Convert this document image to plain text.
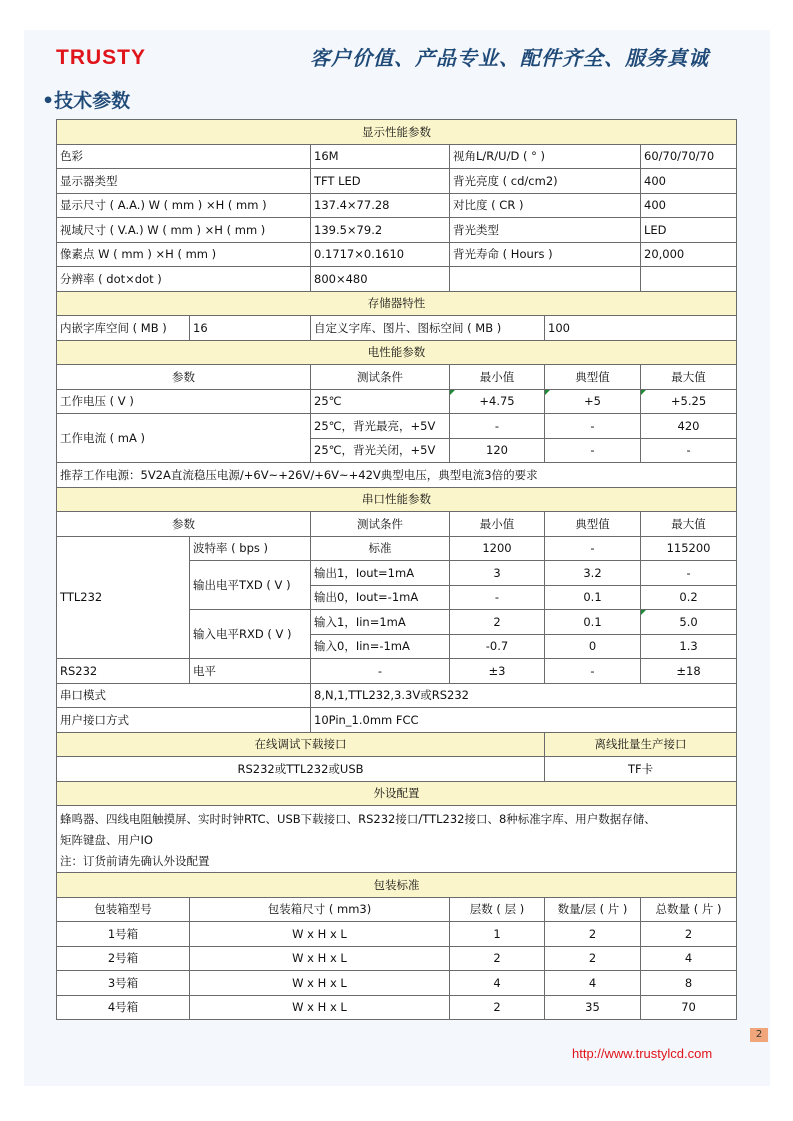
TRUSTY	客户价值、产品专业、配件齐全、服务真诚
•技术参数
显示性能参数					
色彩		16M	视角L/R/U/D ( ° )		60/70/70/70
显示器类型		TFT LED	背光亮度 ( cd/cm2)		400
显示尺寸 ( A.A.) W ( mm ) ×H ( mm )		137.4×77.28	对比度 ( CR )		400
视域尺寸 ( V.A.) W ( mm ) ×H ( mm )		139.5×79.2	背光类型		LED
像素点 W ( mm ) ×H ( mm )		0.1717×0.1610	背光寿命 ( Hours )		20,000
分辨率 ( dot×dot )		800×480			
存储器特性					
内嵌字库空间 ( MB )	16	自定义字库、图片、图标空间 ( MB )		100	
电性能参数					
参数		测试条件	最小值	典型值	最大值
工作电压 ( V )		25℃	+4.75	+5	+5.25
工作电流 ( mA )		25℃，背光最亮，+5V	-	-	420
		25℃，背光关闭，+5V	120	-	-
推荐工作电源：5V2A直流稳压电源/+6V~+26V/+6V~+42V典型电压，典型电流3倍的要求					
串口性能参数					
参数		测试条件	最小值	典型值	最大值
TTL232	波特率 ( bps )	标准	1200	-	115200
	输出电平TXD ( V )	输出1，Iout=1mA	3	3.2	-
		输出0，Iout=-1mA	-	0.1	0.2
	输入电平RXD ( V )	输入1，Iin=1mA	2	0.1	5.0
		输入0，Iin=-1mA	-0.7	0	1.3
RS232	电平	-	±3	-	±18
串口模式		8,N,1,TTL232,3.3V或RS232			
用户接口方式		10Pin_1.0mm FCC			
在线调试下载接口				离线批量生产接口	
RS232或TTL232或USB				TF卡	
外设配置					

蜂鸣器、四线电阻触摸屏、实时时钟RTC、USB下载接口、RS232接口/TTL232接口、8种标准字库、用户数据存储、
矩阵键盘、用户IO
注：订货前请先确认外设配置					

包装标准					
包装箱型号	包装箱尺寸 ( mm3)		层数 ( 层 )	数量/层 ( 片 )	总数量 ( 片 )
1号箱	W x H x L		1	2	2
2号箱	W x H x L		2	2	4
3号箱	W x H x L		4	4	8
4号箱	W x H x L		2	35	70
2
http://www.trustylcd.com
